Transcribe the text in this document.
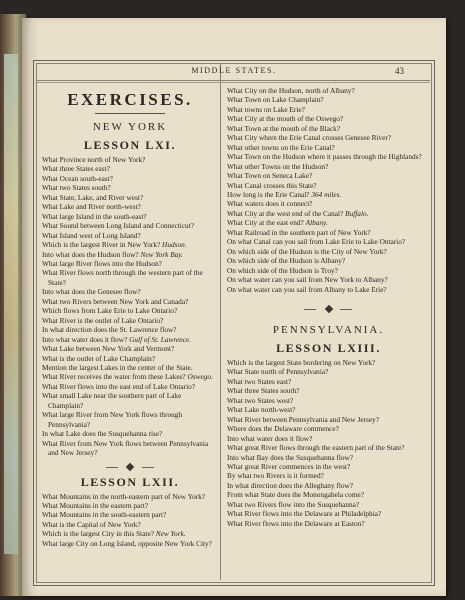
MIDDLE STATES.	43
EXERCISES.
NEW YORK
LESSON LXI.
What Province north of New York?
What three States east?
What Ocean south-east?
What two States south?
What State, Lake, and River west?
What Lake and River north-west?
What large Island in the south-east?
What Sound between Long Island and Connecticut?
What Island west of Long Island?
Which is the largest River in New York? Hudson.
Into what does the Hudson flow? New York Bay.
What large River flows into the Hudson?
What River flows north through the western part of the State?
Into what does the Genesee flow?
What two Rivers between New York and Canada?
Which flows from Lake Erie to Lake Ontario?
What River is the outlet of Lake Ontario?
In what direction does the St. Lawrence flow?
Into what water does it flow? Gulf of St. Lawrence.
What Lake between New York and Vermont?
What is the outlet of Lake Champlain?
Mention the largest Lakes in the center of the State.
What River receives the water from these Lakes? Oswego.
What River flows into the east end of Lake Ontario?
What small Lake near the southern part of Lake Champlain?
What large River from New York flows through Pennsylvania?
In what Lake does the Susquehanna rise?
What River from New York flows between Pennsylvania and New Jersey?
LESSON LXII.
What Mountains in the north-eastern part of New York?
What Mountains in the eastern part?
What Mountains in the south-eastern part?
What is the Capital of New York?
Which is the largest City in this State? New York.
What large City on Long Island, opposite New York City?
What City on the Hudson, north of Albany?
What Town on Lake Champlain?
What towns on Lake Erie?
What City at the mouth of the Oswego?
What Town at the mouth of the Black?
What City where the Erie Canal crosses Genesee River?
What other towns on the Erie Canal?
What Town on the Hudson where it passes through the Highlands?
What other Towns on the Hudson?
What Town on Seneca Lake?
What Canal crosses this State?
How long is the Erie Canal? 364 miles.
What waters does it connect?
What City at the west end of the Canal? Buffalo.
What City at the east end? Albany.
What Railroad in the southern part of New York?
On what Canal can you sail from Lake Erie to Lake Ontario?
On which side of the Hudson is the City of New York?
On which side of the Hudson is Albany?
On which side of the Hudson is Troy?
On what water can you sail from New York to Albany?
On what water can you sail from Albany to Lake Erie?
PENNSYLVANIA.
LESSON LXIII.
Which is the largest State bordering on New York?
What State north of Pennsylvania?
What two States east?
What three States south?
What two States west?
What Lake north-west?
What River between Pennsylvania and New Jersey?
Where does the Delaware commence?
Into what water does it flow?
What great River flows through the eastern part of the State?
Into what Bay does the Susquehanna flow?
What great River commences in the west?
By what two Rivers is it formed?
In what direction does the Alleghany flow?
From what State does the Monongahela come?
What two Rivers flow into the Susquehanna?
What River flows into the Delaware at Philadelphia?
What River flows into the Delaware at Easton?
